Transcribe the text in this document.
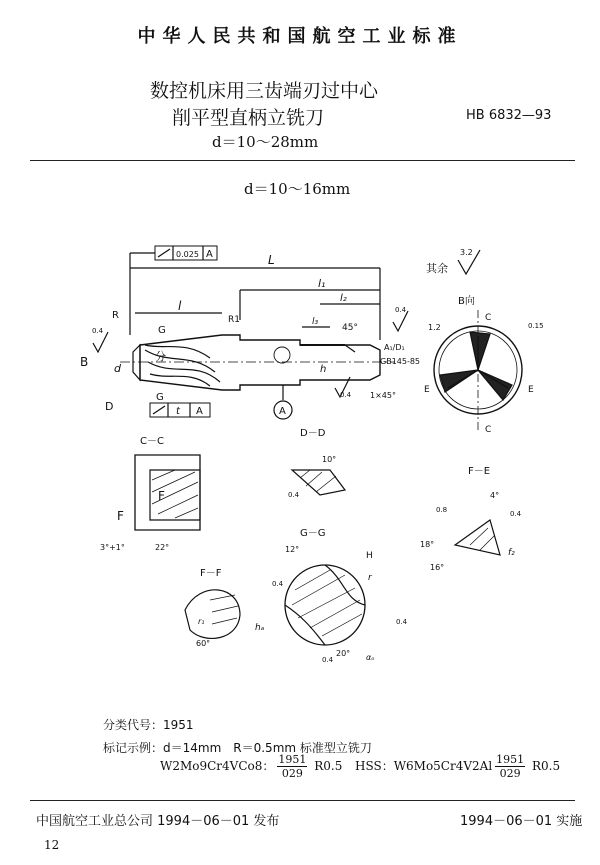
中华人民共和国航空工业标准
数控机床用三齿端刃过中心
削平型直柄立铣刀	HB 6832—93
d＝10～28mm
d＝10～16mm
0.025 A	L
l₁
l
l₂
l₃
R	R1
G
G
B d
D
分
45°
A₁/D₁
GB145-85
h
1×45°
0.4
0.4
0.4
t A	A
其余
3.2
B向
C
C
E	E
1.2	0.15
C－C
F
F
3°+1°	22°
D－D
10°
0.4
F－E
4°
18°
16°
f₂
0.8	0.4
F－F
r₁
60°
G－G
12°
H
r
hₐ
αₒ
20°
0.4
0.4
0.4
分类代号：1951
标记示例：d＝14mm　R＝0.5mm 标准型立铣刀
W2Mo9Cr4VCo8： $\frac{1951}{029} R0.5$ HSS：$W6Mo5Cr4V2Al \frac{1951}{029} R0.5$
中国航空工业总公司 1994－06－01 发布	1994－06－01 实施
12
